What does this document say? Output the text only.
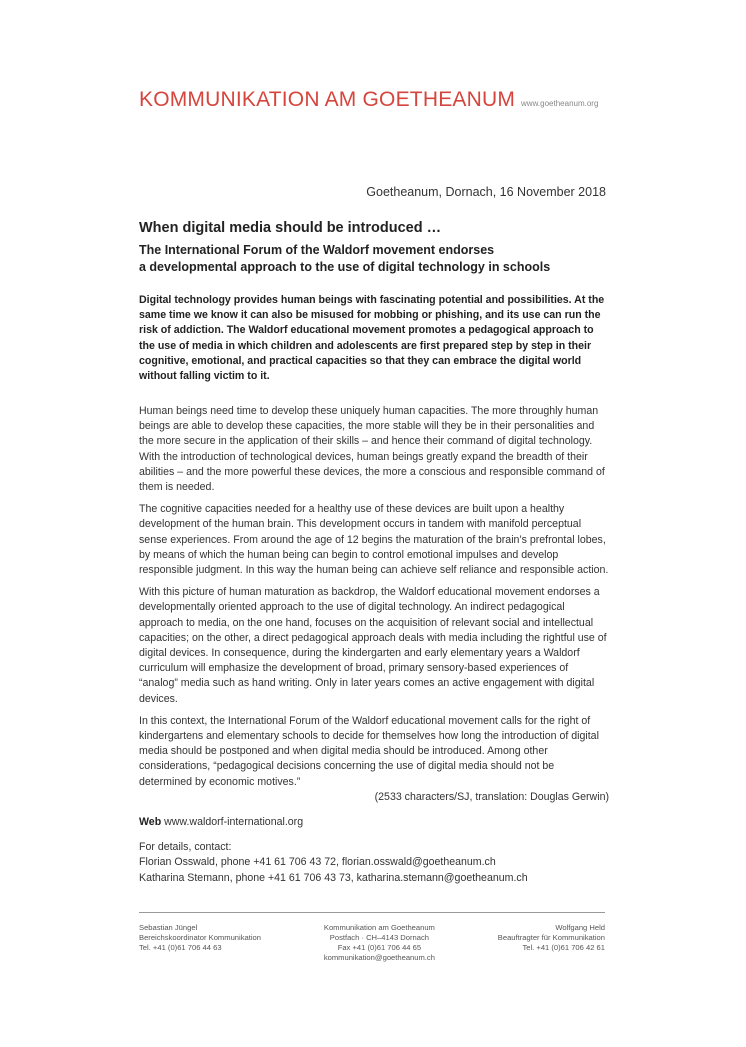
KOMMUNIKATION AM GOETHEANUM www.goetheanum.org
Goetheanum, Dornach, 16 November 2018
When digital media should be introduced …
The International Forum of the Waldorf movement endorses
a developmental approach to the use of digital technology in schools
Digital technology provides human beings with fascinating potential and possibilities. At the same time we know it can also be misused for mobbing or phishing, and its use can run the risk of addiction. The Waldorf educational movement promotes a pedagogical approach to the use of media in which children and adolescents are first prepared step by step in their cognitive, emotional, and practical capacities so that they can embrace the digital world without falling victim to it.

Human beings need time to develop these uniquely human capacities. The more throughly human beings are able to develop these capacities, the more stable will they be in their personalities and the more secure in the application of their skills – and hence their command of digital technology. With the introduction of technological devices, human beings greatly expand the breadth of their abilities – and the more powerful these devices, the more a conscious and responsible command of them is needed.

The cognitive capacities needed for a healthy use of these devices are built upon a healthy development of the human brain. This development occurs in tandem with manifold perceptual sense experiences. From around the age of 12 begins the maturation of the brain’s prefrontal lobes, by means of which the human being can begin to control emotional impulses and develop responsible judgment. In this way the human being can achieve self reliance and responsible action.

With this picture of human maturation as backdrop, the Waldorf educational movement endorses a developmentally oriented approach to the use of digital technology. An indirect pedagogical approach to media, on the one hand, focuses on the acquisition of relevant social and intellectual capacities; on the other, a direct pedagogical approach deals with media including the rightful use of digital devices. In consequence, during the kindergarten and early elementary years a Waldorf curriculum will emphasize the development of broad, primary sensory-based experiences of “analog” media such as hand writing. Only in later years comes an active engagement with digital devices.

In this context, the International Forum of the Waldorf educational movement calls for the right of kindergartens and elementary schools to decide for themselves how long the introduction of digital media should be postponed and when digital media should be introduced. Among other considerations, “pedagogical decisions concerning the use of digital media should not be determined by economic motives.”

(2533 characters/SJ, translation: Douglas Gerwin)
Web www.waldorf-international.org
For details, contact:
Florian Osswald, phone +41 61 706 43 72, florian.osswald@goetheanum.ch
Katharina Stemann, phone +41 61 706 43 73, katharina.stemann@goetheanum.ch
Sebastian Jüngel
Bereichskoordinator Kommunikation
Tel. +41 (0)61 706 44 63
Kommunikation am Goetheanum
Postfach · CH–4143 Dornach
Fax +41 (0)61 706 44 65
kommunikation@goetheanum.ch
Wolfgang Held
Beauftragter für Kommunikation
Tel. +41 (0)61 706 42 61
